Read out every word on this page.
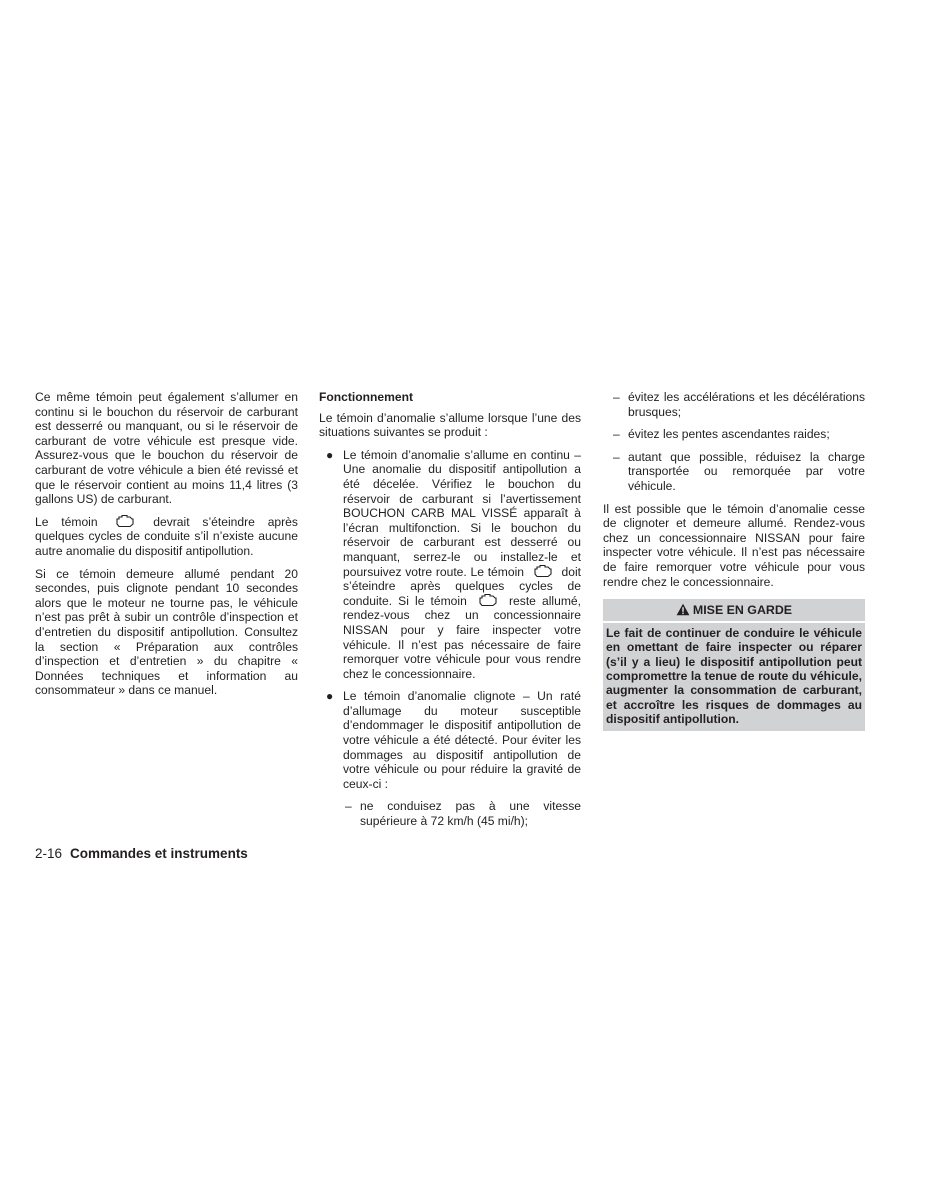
Ce même témoin peut également s’allumer en continu si le bouchon du réservoir de carburant est desserré ou manquant, ou si le réservoir de carburant de votre véhicule est presque vide. Assurez-vous que le bouchon du réservoir de carburant de votre véhicule a bien été revissé et que le réservoir contient au moins 11,4 litres (3 gallons US) de carburant.

Le témoin	devrait s’éteindre après quelques cycles de conduite s’il n’existe aucune autre anomalie du dispositif antipollution.

Si ce témoin demeure allumé pendant 20 secondes, puis clignote pendant 10 secondes alors que le moteur ne tourne pas, le véhicule n’est pas prêt à subir un contrôle d’inspection et d’entretien du dispositif antipollution. Consultez la section « Préparation aux contrôles d’inspection et d’entretien » du chapitre « Données techniques et information au consommateur » dans ce manuel.

Fonctionnement

Le témoin d’anomalie s’allume lorsque l’une des situations suivantes se produit :

● Le témoin d’anomalie s’allume en continu – Une anomalie du dispositif antipollution a été décelée. Vérifiez le bouchon du réservoir de carburant si l’avertissement BOUCHON CARB MAL VISSÉ apparaît à l’écran multifonction. Si le bouchon du réservoir de carburant est desserré ou manquant, serrez-le ou installez-le et poursuivez votre route. Le témoin	doit s’éteindre après quelques cycles de conduite. Si le témoin	reste allumé, rendez-vous chez un concessionnaire NISSAN pour y faire inspecter votre véhicule. Il n’est pas nécessaire de faire remorquer votre véhicule pour vous rendre chez le concessionnaire.
● Le témoin d’anomalie clignote – Un raté d’allumage du moteur susceptible d’endommager le dispositif antipollution de votre véhicule a été détecté. Pour éviter les dommages au dispositif antipollution de votre véhicule ou pour réduire la gravité de ceux-ci :
– ne conduisez pas à une vitesse supérieure à 72 km/h (45 mi/h);
– évitez les accélérations et les décélérations brusques;
– évitez les pentes ascendantes raides;
– autant que possible, réduisez la charge transportée ou remorquée par votre véhicule.

Il est possible que le témoin d’anomalie cesse de clignoter et demeure allumé. Rendez-vous chez un concessionnaire NISSAN pour faire inspecter votre véhicule. Il n’est pas nécessaire de faire remorquer votre véhicule pour vous rendre chez le concessionnaire.

MISE EN GARDE
Le fait de continuer de conduire le véhicule en omettant de faire inspecter ou réparer (s’il y a lieu) le dispositif antipollution peut compromettre la tenue de route du véhicule, augmenter la consommation de carburant, et accroître les risques de dommages au dispositif antipollution.
2-16 Commandes et instruments
